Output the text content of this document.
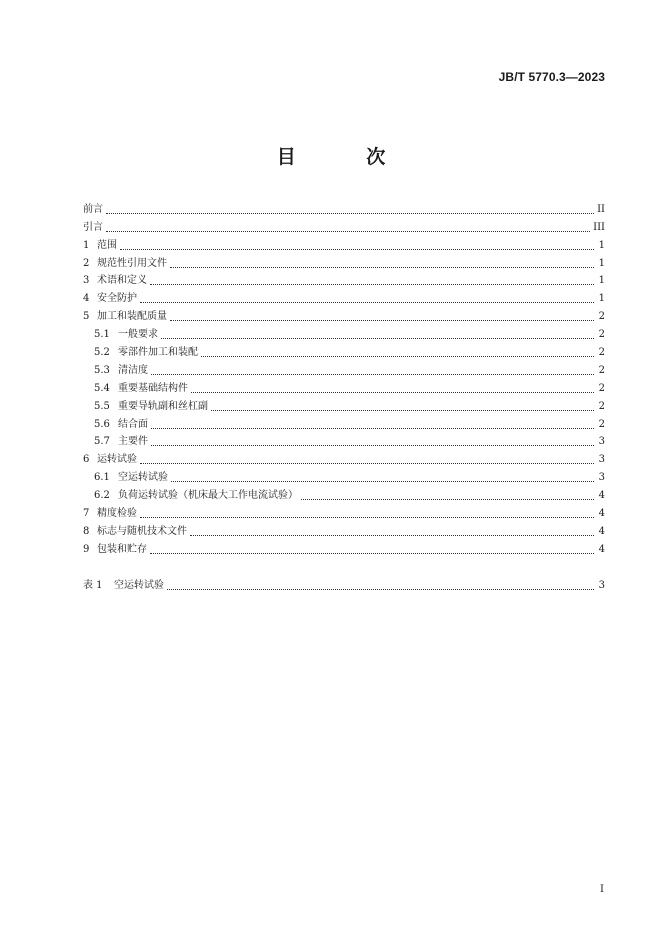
JB/T 5770.3—2023
目 次
前言	II
引言	III
1 范围	1
2 规范性引用文件	1
3 术语和定义	1
4 安全防护	1
5 加工和装配质量	2
5.1 一般要求	2
5.2 零部件加工和装配	2
5.3 清洁度	2
5.4 重要基础结构件	2
5.5 重要导轨副和丝杠副	2
5.6 结合面	2
5.7 主要件	3
6 运转试验	3
6.1 空运转试验	3
6.2 负荷运转试验（机床最大工作电流试验）	4
7 精度检验	4
8 标志与随机技术文件	4
9 包装和贮存	4
表 1	空运转试验	3
I
